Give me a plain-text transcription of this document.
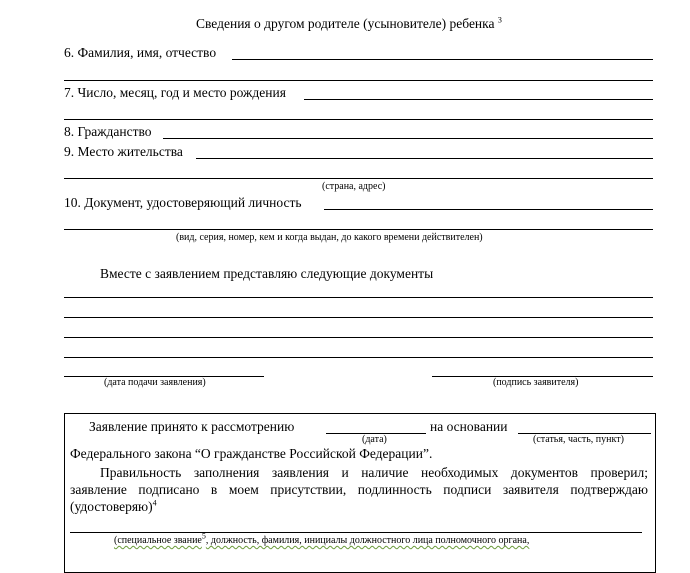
Сведения о другом родителе (усыновителе) ребенка $^3$
6. Фамилия, имя, отчество
7. Число, месяц, год и место рождения
8. Гражданство
9. Место жительства
(страна, адрес)
10. Документ, удостоверяющий личность
(вид, серия, номер, кем и когда выдан, до какого времени действителен)
Вместе с заявлением представляю следующие документы
(дата подачи заявления)	(подпись заявителя)
Заявление принято к рассмотрению	на основании
(дата)	(статья, часть, пункт)
Федерального закона “О гражданстве Российской Федерации”.
Правильность заполнения заявления и наличие необходимых документов проверил;
заявление подписано в моем присутствии, подлинность подписи заявителя подтверждаю
(удостоверяю)$^4$
(специальное звание$^5$, должность, фамилия, инициалы должностного лица полномочного органа,
